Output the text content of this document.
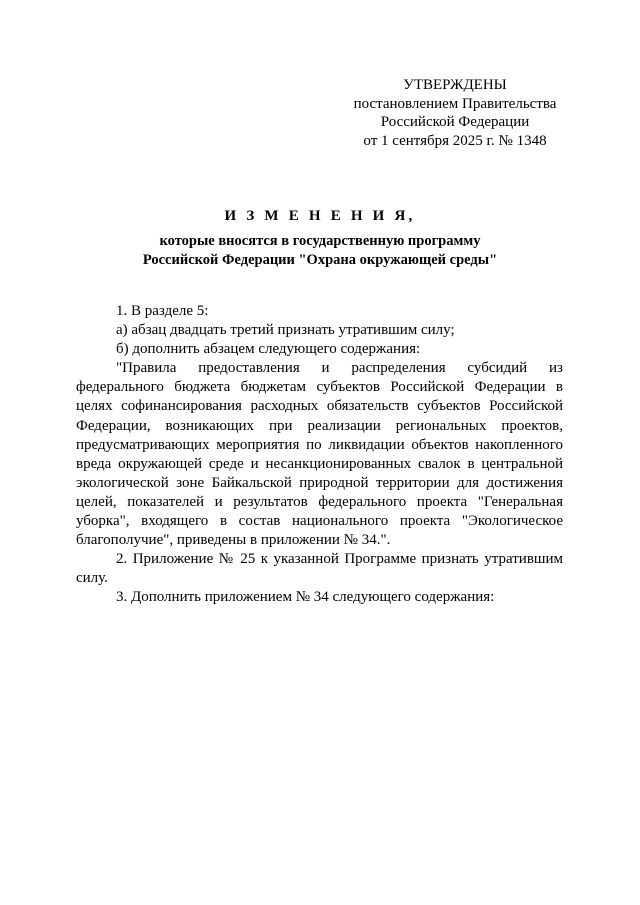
УТВЕРЖДЕНЫ
постановлением Правительства
Российской Федерации
от 1 сентября 2025 г. № 1348
И З М Е Н Е Н И Я,
которые вносятся в государственную программу
Российской Федерации "Охрана окружающей среды"

1. В разделе 5:

а) абзац двадцать третий признать утратившим силу;

б) дополнить абзацем следующего содержания:

"Правила предоставления и распределения субсидий из федерального бюджета бюджетам субъектов Российской Федерации в целях софинансирования расходных обязательств субъектов Российской Федерации, возникающих при реализации региональных проектов, предусматривающих мероприятия по ликвидации объектов накопленного вреда окружающей среде и несанкционированных свалок в центральной экологической зоне Байкальской природной территории для достижения целей, показателей и результатов федерального проекта "Генеральная уборка", входящего в состав национального проекта "Экологическое благополучие", приведены в приложении № 34.".

2. Приложение № 25 к указанной Программе признать утратившим силу.

3. Дополнить приложением № 34 следующего содержания:
